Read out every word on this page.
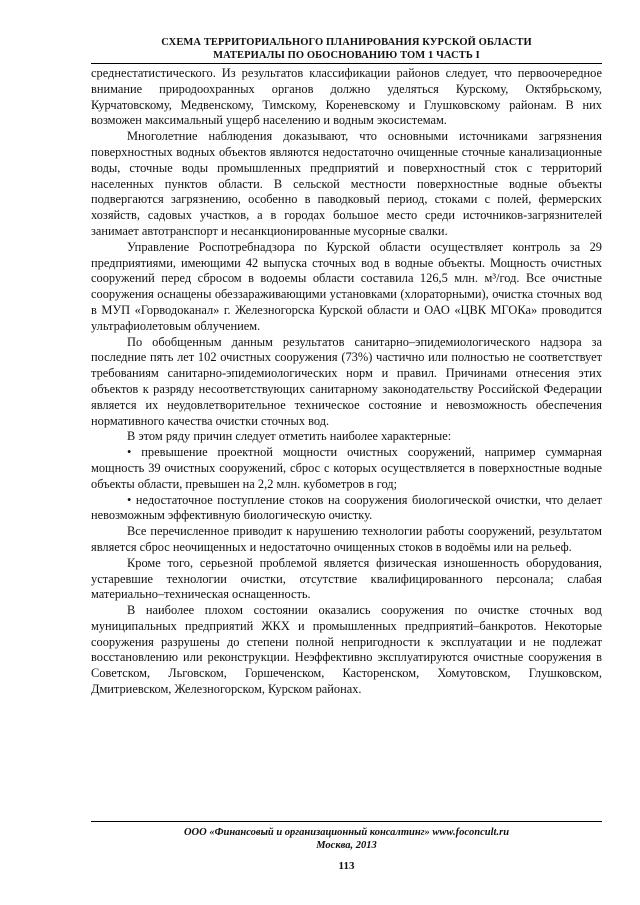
СХЕМА ТЕРРИТОРИАЛЬНОГО ПЛАНИРОВАНИЯ КУРСКОЙ ОБЛАСТИ
МАТЕРИАЛЫ ПО ОБОСНОВАНИЮ ТОМ 1 ЧАСТЬ I

среднестатистического. Из результатов классификации районов следует, что первоочередное внимание природоохранных органов должно уделяться Курскому, Октябрьскому, Курчатовскому, Медвенскому, Тимскому, Кореневскому и Глушковскому районам. В них возможен максимальный ущерб населению и водным экосистемам.

Многолетние наблюдения доказывают, что основными источниками загрязнения поверхностных водных объектов являются недостаточно очищенные сточные канализационные воды, сточные воды промышленных предприятий и поверхностный сток с территорий населенных пунктов области. В сельской местности поверхностные водные объекты подвергаются загрязнению, особенно в паводковый период, стоками с полей, фермерских хозяйств, садовых участков, а в городах большое место среди источников-загрязнителей занимает автотранспорт и несанкционированные мусорные свалки.

Управление Роспотребнадзора по Курской области осуществляет контроль за 29 предприятиями, имеющими 42 выпуска сточных вод в водные объекты. Мощность очистных сооружений перед сбросом в водоемы области составила 126,5 млн. м³/год. Все очистные сооружения оснащены обеззараживающими установками (хлораторными), очистка сточных вод в МУП «Горводоканал» г. Железногорска Курской области и ОАО «ЦВК МГОКа» проводится ультрафиолетовым облучением.

По обобщенным данным результатов санитарно–эпидемиологического надзора за последние пять лет 102 очистных сооружения (73%) частично или полностью не соответствует требованиям санитарно-эпидемиологических норм и правил. Причинами отнесения этих объектов к разряду несоответствующих санитарному законодательству Российской Федерации является их неудовлетворительное техническое состояние и невозможность обеспечения нормативного качества очистки сточных вод.

В этом ряду причин следует отметить наиболее характерные:

• превышение проектной мощности очистных сооружений, например суммарная мощность 39 очистных сооружений, сброс с которых осуществляется в поверхностные водные объекты области, превышен на 2,2 млн. кубометров в год;

• недостаточное поступление стоков на сооружения биологической очистки, что делает невозможным эффективную биологическую очистку.

Все перечисленное приводит к нарушению технологии работы сооружений, результатом является сброс неочищенных и недостаточно очищенных стоков в водоёмы или на рельеф.

Кроме того, серьезной проблемой является физическая изношенность оборудования, устаревшие технологии очистки, отсутствие квалифицированного персонала; слабая материально–техническая оснащенность.

В наиболее плохом состоянии оказались сооружения по очистке сточных вод муниципальных предприятий ЖКХ и промышленных предприятий–банкротов. Некоторые сооружения разрушены до степени полной непригодности к эксплуатации и не подлежат восстановлению или реконструкции. Неэффективно эксплуатируются очистные сооружения в Советском, Льговском, Горшеченском, Касторенском, Хомутовском, Глушковском, Дмитриевском, Железногорском, Курском районах.

ООО «Финансовый и организационный консалтинг» www.foconcult.ru
Москва, 2013
113
